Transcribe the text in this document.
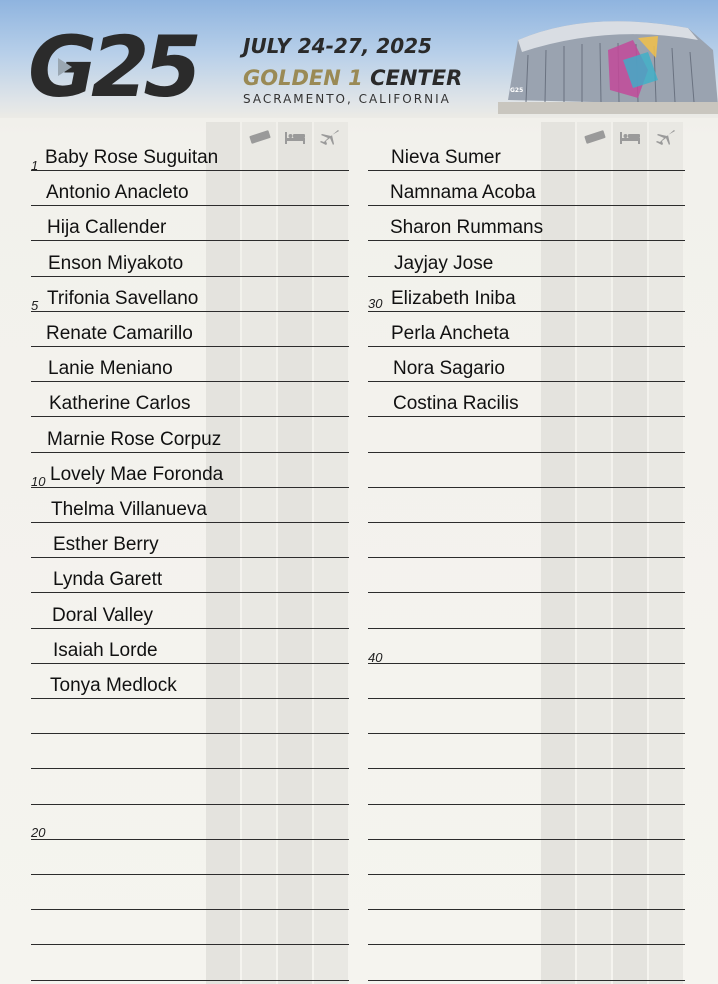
G25 JULY 24-27, 2025
GOLDEN 1 CENTER
SACRAMENTO, CALIFORNIA
G25
Baby Rose Suguitan
Antonio Anacleto
Hija Callender
Enson Miyakoto
Trifonia Savellano
Renate Camarillo
Lanie Meniano
Katherine Carlos
Marnie Rose Corpuz
Lovely Mae Foronda
Thelma Villanueva
Esther Berry
Lynda Garett
Doral Valley
Isaiah Lorde
Tonya Medlock
Nieva Sumer
Namnama Acoba
Sharon Rummans
Jayjay Jose
Elizabeth Iniba
Perla Ancheta
Nora Sagario
Costina Racilis
1
5
10
20
30
40
